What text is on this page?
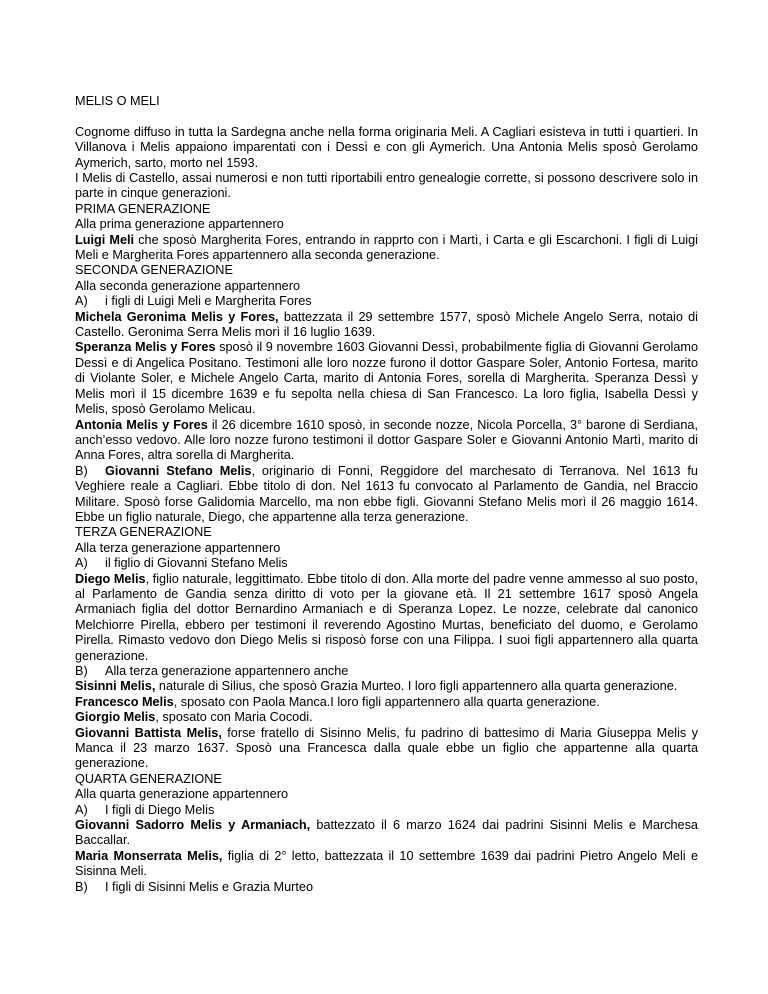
MELIS O MELI

Cognome diffuso in tutta la Sardegna anche nella forma originaria Meli. A Cagliari esisteva in tutti i quartieri. In Villanova i Melis appaiono imparentati con i Dessì e con gli Aymerich. Una Antonia Melis sposò Gerolamo Aymerich, sarto, morto nel 1593.

I Melis di Castello, assai numerosi e non tutti riportabili entro genealogie corrette, si possono descrivere solo in parte in cinque generazioni.

PRIMA GENERAZIONE

Alla prima generazione appartennero

Luigi Meli che sposò Margherita Fores, entrando in rapprto con i Martì, i Carta e gli Escarchoni. I figli di Luigi Meli e Margherita Fores appartennero alla seconda generazione.

SECONDA GENERAZIONE

Alla seconda generazione appartennero

A) i figli di Luigi Meli e Margherita Fores

Michela Geronima Melis y Fores, battezzata il 29 settembre 1577, sposò Michele Angelo Serra, notaio di Castello. Geronima Serra Melis morì il 16 luglio 1639.

Speranza Melis y Fores sposò il 9 novembre 1603 Giovanni Dessì, probabilmente figlia di Giovanni Gerolamo Dessì e di Angelica Positano. Testimoni alle loro nozze furono il dottor Gaspare Soler, Antonio Fortesa, marito di Violante Soler, e Michele Angelo Carta, marito di Antonia Fores, sorella di Margherita. Speranza Dessì y Melis morì il 15 dicembre 1639 e fu sepolta nella chiesa di San Francesco. La loro figlia, Isabella Dessì y Melis, sposò Gerolamo Melicau.

Antonia Melis y Fores il 26 dicembre 1610 sposò, in seconde nozze, Nicola Porcella, 3° barone di Serdiana, anch’esso vedovo. Alle loro nozze furono testimoni il dottor Gaspare Soler e Giovanni Antonio Martì, marito di Anna Fores, altra sorella di Margherita.

B) Giovanni Stefano Melis, originario di Fonni, Reggidore del marchesato di Terranova. Nel 1613 fu Veghiere reale a Cagliari. Ebbe titolo di don. Nel 1613 fu convocato al Parlamento de Gandia, nel Braccio Militare. Sposò forse Galidomia Marcello, ma non ebbe figli. Giovanni Stefano Melis morì il 26 maggio 1614. Ebbe un figlio naturale, Diego, che appartenne alla terza generazione.

TERZA GENERAZIONE

Alla terza generazione appartennero

A) il figlio di Giovanni Stefano Melis

Diego Melis, figlio naturale, leggittimato. Ebbe titolo di don. Alla morte del padre venne ammesso al suo posto, al Parlamento de Gandia senza diritto di voto per la giovane età. Il 21 settembre 1617 sposò Angela Armaniach figlia del dottor Bernardino Armaniach e di Speranza Lopez. Le nozze, celebrate dal canonico Melchiorre Pirella, ebbero per testimoni il reverendo Agostino Murtas, beneficiato del duomo, e Gerolamo Pirella. Rimasto vedovo don Diego Melis si risposò forse con una Filippa. I suoi figli appartennero alla quarta generazione.

B) Alla terza generazione appartennero anche

Sisinni Melis, naturale di Silius, che sposò Grazia Murteo. I loro figli appartennero alla quarta generazione.

Francesco Melis, sposato con Paola Manca.I loro figli appartennero alla quarta generazione.

Giorgio Melis, sposato con Maria Cocodi.

Giovanni Battista Melis, forse fratello di Sisinno Melis, fu padrino di battesimo di Maria Giuseppa Melis y Manca il 23 marzo 1637. Sposò una Francesca dalla quale ebbe un figlio che appartenne alla quarta generazione.

QUARTA GENERAZIONE

Alla quarta generazione appartennero

A) I figli di Diego Melis

Giovanni Sadorro Melis y Armaniach, battezzato il 6 marzo 1624 dai padrini Sisinni Melis e Marchesa Baccallar.

Maria Monserrata Melis, figlia di 2° letto, battezzata il 10 settembre 1639 dai padrini Pietro Angelo Meli e Sisinna Meli.

B) I figli di Sisinni Melis e Grazia Murteo
